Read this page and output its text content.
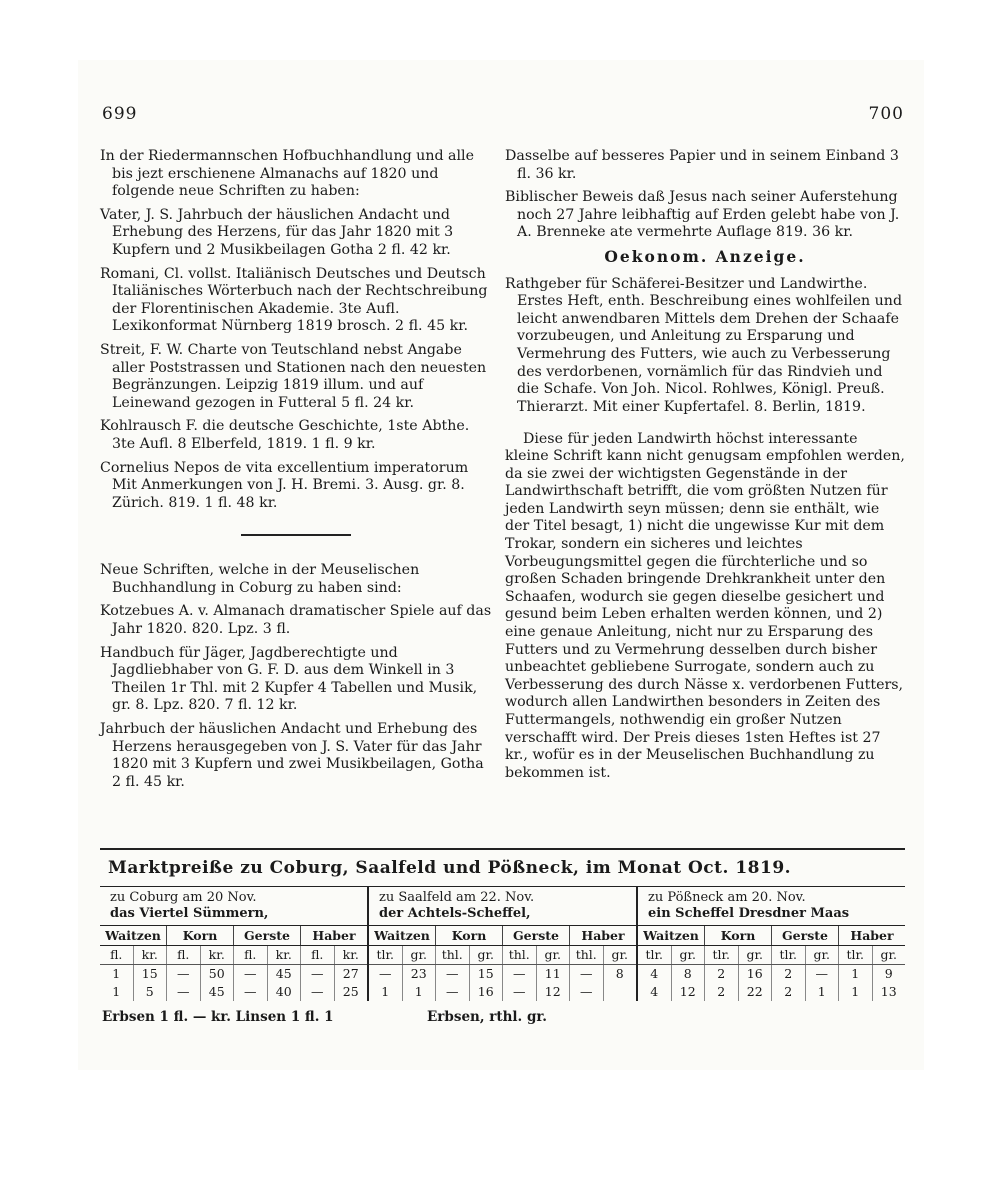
699	700

In der Riedermannschen Hofbuchhandlung und alle bis jezt erschienene Almanachs auf 1820 und folgende neue Schriften zu haben:

Vater, J. S. Jahrbuch der häuslichen Andacht und Erhebung des Herzens, für das Jahr 1820 mit 3 Kupfern und 2 Musikbeilagen Gotha 2 fl. 42 kr.

Romani, Cl. vollst. Italiänisch Deutsches und Deutsch Italiänisches Wörterbuch nach der Rechtschreibung der Florentinischen Akademie. 3te Aufl. Lexikonformat Nürnberg 1819 brosch. 2 fl. 45 kr.

Streit, F. W. Charte von Teutschland nebst Angabe aller Poststrassen und Stationen nach den neuesten Begränzungen. Leipzig 1819 illum. und auf Leinewand gezogen in Futteral 5 fl. 24 kr.

Kohlrausch F. die deutsche Geschichte, 1ste Abthe. 3te Aufl. 8 Elberfeld, 1819. 1 fl. 9 kr.

Cornelius Nepos de vita excellentium imperatorum Mit Anmerkungen von J. H. Bremi. 3. Ausg. gr. 8. Zürich. 819. 1 fl. 48 kr.

Neue Schriften, welche in der Meuselischen Buchhandlung in Coburg zu haben sind:

Kotzebues A. v. Almanach dramatischer Spiele auf das Jahr 1820. 820. Lpz. 3 fl.

Handbuch für Jäger, Jagdberechtigte und Jagdliebhaber von G. F. D. aus dem Winkell in 3 Theilen 1r Thl. mit 2 Kupfer 4 Tabellen und Musik, gr. 8. Lpz. 820. 7 fl. 12 kr.

Jahrbuch der häuslichen Andacht und Erhebung des Herzens herausgegeben von J. S. Vater für das Jahr 1820 mit 3 Kupfern und zwei Musikbeilagen, Gotha 2 fl. 45 kr.

Dasselbe auf besseres Papier und in seinem Einband 3 fl. 36 kr.

Biblischer Beweis daß Jesus nach seiner Auferstehung noch 27 Jahre leibhaftig auf Erden gelebt habe von J. A. Brenneke ate vermehrte Auflage 819. 36 kr.

Oekonom. Anzeige.

Rathgeber für Schäferei-Besitzer und Landwirthe. Erstes Heft, enth. Beschreibung eines wohlfeilen und leicht anwendbaren Mittels dem Drehen der Schaafe vorzubeugen, und Anleitung zu Ersparung und Vermehrung des Futters, wie auch zu Verbesserung des verdorbenen, vornämlich für das Rindvieh und die Schafe. Von Joh. Nicol. Rohlwes, Königl. Preuß. Thierarzt. Mit einer Kupfertafel. 8. Berlin, 1819.

Diese für jeden Landwirth höchst interessante kleine Schrift kann nicht genugsam empfohlen werden, da sie zwei der wichtigsten Gegenstände in der Landwirthschaft betrifft, die vom größten Nutzen für jeden Landwirth seyn müssen; denn sie enthält, wie der Titel besagt, 1) nicht die ungewisse Kur mit dem Trokar, sondern ein sicheres und leichtes Vorbeugungsmittel gegen die fürchterliche und so großen Schaden bringende Drehkrankheit unter den Schaafen, wodurch sie gegen dieselbe gesichert und gesund beim Leben erhalten werden können, und 2) eine genaue Anleitung, nicht nur zu Ersparung des Futters und zu Vermehrung desselben durch bisher unbeachtet gebliebene Surrogate, sondern auch zu Verbesserung des durch Nässe x. verdorbenen Futters, wodurch allen Landwirthen besonders in Zeiten des Futtermangels, nothwendig ein großer Nutzen verschafft wird. Der Preis dieses 1sten Heftes ist 27 kr., wofür es in der Meuselischen Buchhandlung zu bekommen ist.

Marktpreiße zu Coburg, Saalfeld und Pößneck, im Monat Oct. 1819.
zu Coburg am 20 Nov.
das Viertel Sümmern,
Waitzen	Korn	Gerste	Haber
fl.	kr.	fl.	kr.	fl.	kr.	fl.	kr.
1	15	—	50	—	45	—	27
1	5	—	45	—	40	—	25
zu Saalfeld am 22. Nov.
der Achtels-Scheffel,
Waitzen	Korn	Gerste	Haber
tlr.	gr.	thl.	gr.	thl.	gr.	thl.	gr.
—	23	—	15	—	11	—	8
1	1	—	16	—	12	—
zu Pößneck am 20. Nov.
ein Scheffel Dresdner Maas
Waitzen	Korn	Gerste	Haber
tlr.	gr.	tlr.	gr.	tlr.	gr.	tlr.	gr.
4	8	2	16	2	—	1	9
4	12	2	22	2	1	1	13
Erbsen 1 fl. — kr. Linsen 1 fl. 1	Erbsen, rthl. gr.
